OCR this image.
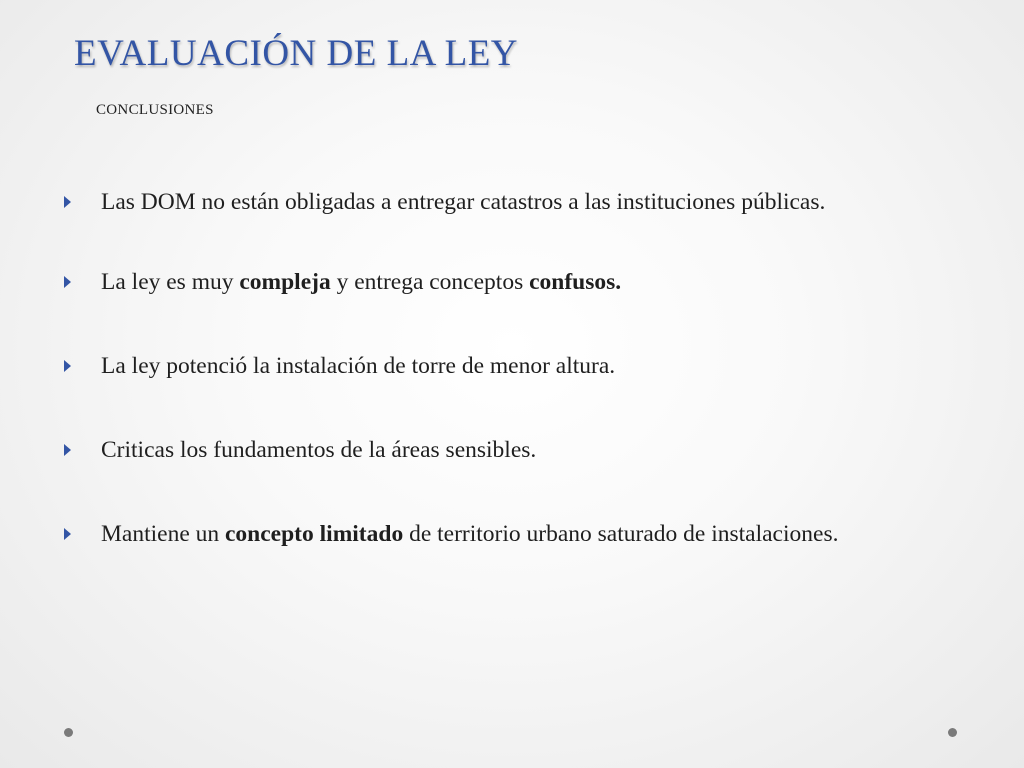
EVALUACIÓN DE LA LEY
CONCLUSIONES
Las DOM no están obligadas a entregar catastros a las instituciones públicas.
La ley es muy compleja y entrega conceptos confusos.
La ley potenció la instalación de torre de menor altura.
Criticas los fundamentos de la áreas sensibles.
Mantiene un concepto limitado de territorio urbano saturado de instalaciones.
